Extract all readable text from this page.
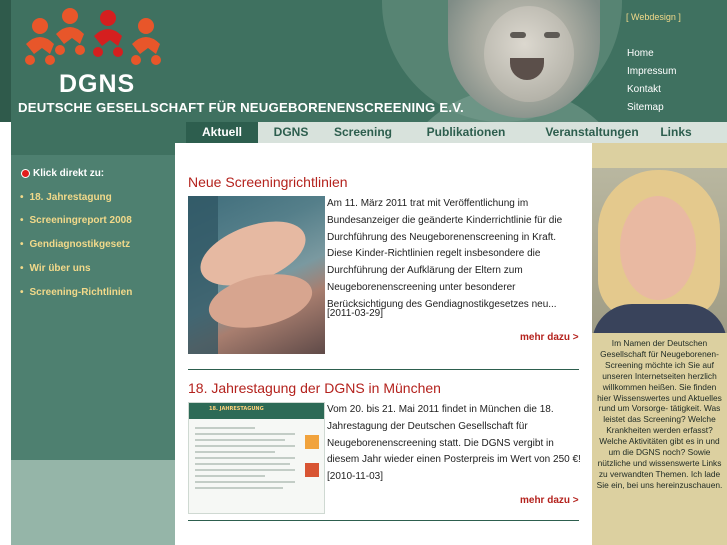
DGNS
DEUTSCHE GESELLSCHAFT FÜR NEUGEBORENENSCREENING E.V.
[ Webdesign ]
Home
Impressum
Kontakt
Sitemap
Aktuell	DGNS	Screening	Publikationen	Veranstaltungen	Links
Klick direkt zu:
• 18. Jahrestagung
• Screeningreport 2008
• Gendiagnostikgesetz
• Wir über uns
• Screening-Richtlinien
Neue Screeningrichtlinien
Am 11. März 2011 trat mit Veröffentlichung im Bundesanzeiger die geänderte Kinderrichtlinie für die Durchführung des Neugeborenenscreening in Kraft. Diese Kinder-Richtlinien regelt insbesondere die Durchführung der Aufklärung der Eltern zum Neugeborenenscreening unter besonderer Berücksichtigung des Gendiagnostikgesetzes neu...
[2011-03-29]
mehr dazu >
18. Jahrestagung der DGNS in München
18. JAHRESTAGUNG	Vom 20. bis 21. Mai 2011 findet in München die 18. Jahrestagung der Deutschen Gesellschaft für Neugeborenenscreening statt. Die DGNS vergibt in diesem Jahr wieder einen Posterpreis im Wert von 250 €!
[2010-11-03]
mehr dazu >
Im Namen der Deutschen Gesellschaft für Neugeborenen-Screening möchte ich Sie auf unseren Internetseiten herzlich willkommen heißen. Sie finden hier Wissenswertes und Aktuelles rund um Vorsorge- tätigkeit. Was leistet das Screening? Welche Krankheiten werden erfasst? Welche Aktivitäten gibt es in und um die DGNS noch? Sowie nützliche und wissenswerte Links zu verwandten Themen. Ich lade Sie ein, bei uns hereinzuschauen.
